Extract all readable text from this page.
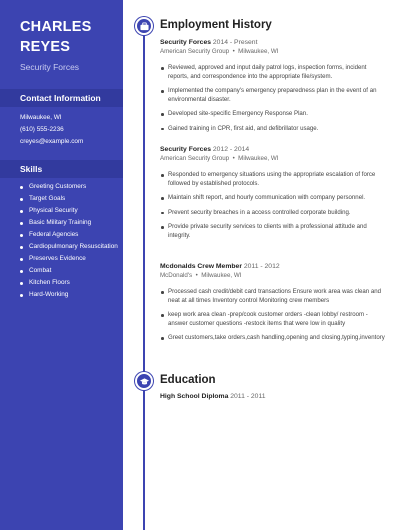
CHARLES
REYES
Security Forces
Contact Information
Milwaukee, WI
(610) 555-2236
creyes@example.com
Skills
Greeting Customers
Target Goals
Physical Security
Basic Military Training
Federal Agencies
Cardiopulmonary Resuscitation
Preserves Evidence
Combat
Kitchen Floors
Hard-Working
Employment History
Security Forces 2014 - Present
American Security Group  •  Milwaukee, WI
Reviewed, approved and input daily patrol logs, inspection forms, incident reports, and correspondence into the appropriate file/system.
Implemented the company's emergency preparedness plan in the event of an environmental disaster.
Developed site-specific Emergency Response Plan.
Gained training in CPR, first aid, and defibrillator usage.
Security Forces 2012 - 2014
American Security Group  •  Milwaukee, WI
Responded to emergency situations using the appropriate escalation of force followed by established protocols.
Maintain shift report, and hourly communication with company personnel.
Prevent security breaches in a access controlled corporate building.
Provide private security services to clients with a professional attitude and integrity.
Mcdonalds Crew Member 2011 - 2012
McDonald's  •  Milwaukee, WI
Processed cash credit/debit card transactions Ensure work area was clean and neat at all times Inventory control Monitoring crew members
keep work area clean -prep/cook customer orders -clean lobby/ restroom -answer customer questions -restock items that were low in quality
Greet customers,take orders,cash handling,opening and closing,typing,inventory
Education
High School Diploma 2011 - 2011
